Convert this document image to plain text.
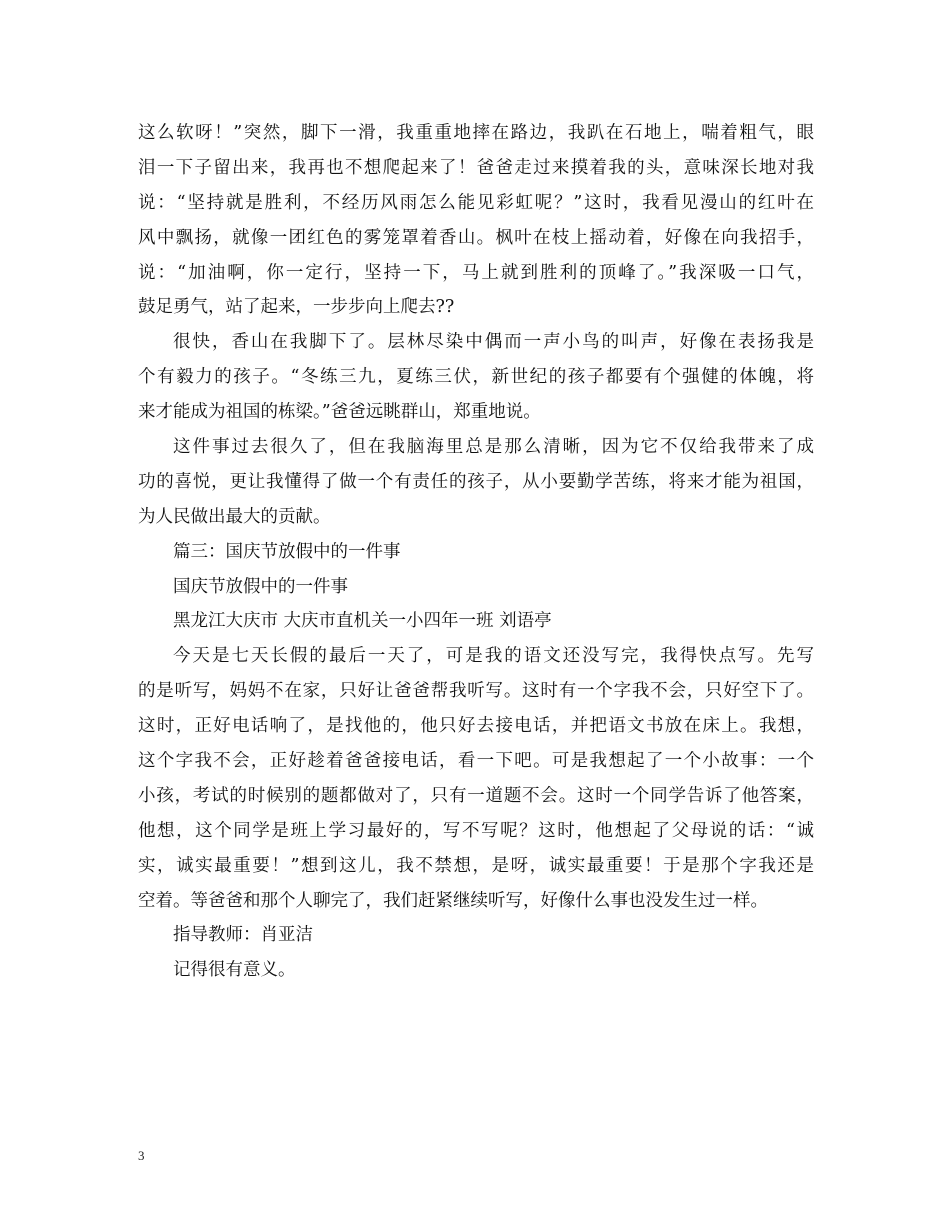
这么软呀！”突然，脚下一滑，我重重地摔在路边，我趴在石地上，喘着粗气，眼
泪一下子留出来，我再也不想爬起来了！爸爸走过来摸着我的头，意味深长地对我
说：“坚持就是胜利，不经历风雨怎么能见彩虹呢？”这时，我看见漫山的红叶在
风中飘扬，就像一团红色的雾笼罩着香山。枫叶在枝上摇动着，好像在向我招手，
说：“加油啊，你一定行，坚持一下，马上就到胜利的顶峰了。”我深吸一口气，
鼓足勇气，站了起来，一步步向上爬去??
很快，香山在我脚下了。层林尽染中偶而一声小鸟的叫声，好像在表扬我是
个有毅力的孩子。“冬练三九，夏练三伏，新世纪的孩子都要有个强健的体魄，将
来才能成为祖国的栋梁。”爸爸远眺群山，郑重地说。
这件事过去很久了，但在我脑海里总是那么清晰，因为它不仅给我带来了成
功的喜悦，更让我懂得了做一个有责任的孩子，从小要勤学苦练，将来才能为祖国，
为人民做出最大的贡献。
篇三：国庆节放假中的一件事
国庆节放假中的一件事
黑龙江大庆市 大庆市直机关一小四年一班 刘语亭
今天是七天长假的最后一天了，可是我的语文还没写完，我得快点写。先写
的是听写，妈妈不在家，只好让爸爸帮我听写。这时有一个字我不会，只好空下了。
这时，正好电话响了，是找他的，他只好去接电话，并把语文书放在床上。我想，
这个字我不会，正好趁着爸爸接电话，看一下吧。可是我想起了一个小故事：一个
小孩，考试的时候别的题都做对了，只有一道题不会。这时一个同学告诉了他答案，
他想，这个同学是班上学习最好的，写不写呢？这时，他想起了父母说的话：“诚
实，诚实最重要！”想到这儿，我不禁想，是呀，诚实最重要！于是那个字我还是
空着。等爸爸和那个人聊完了，我们赶紧继续听写，好像什么事也没发生过一样。
指导教师：肖亚洁
记得很有意义。
3
